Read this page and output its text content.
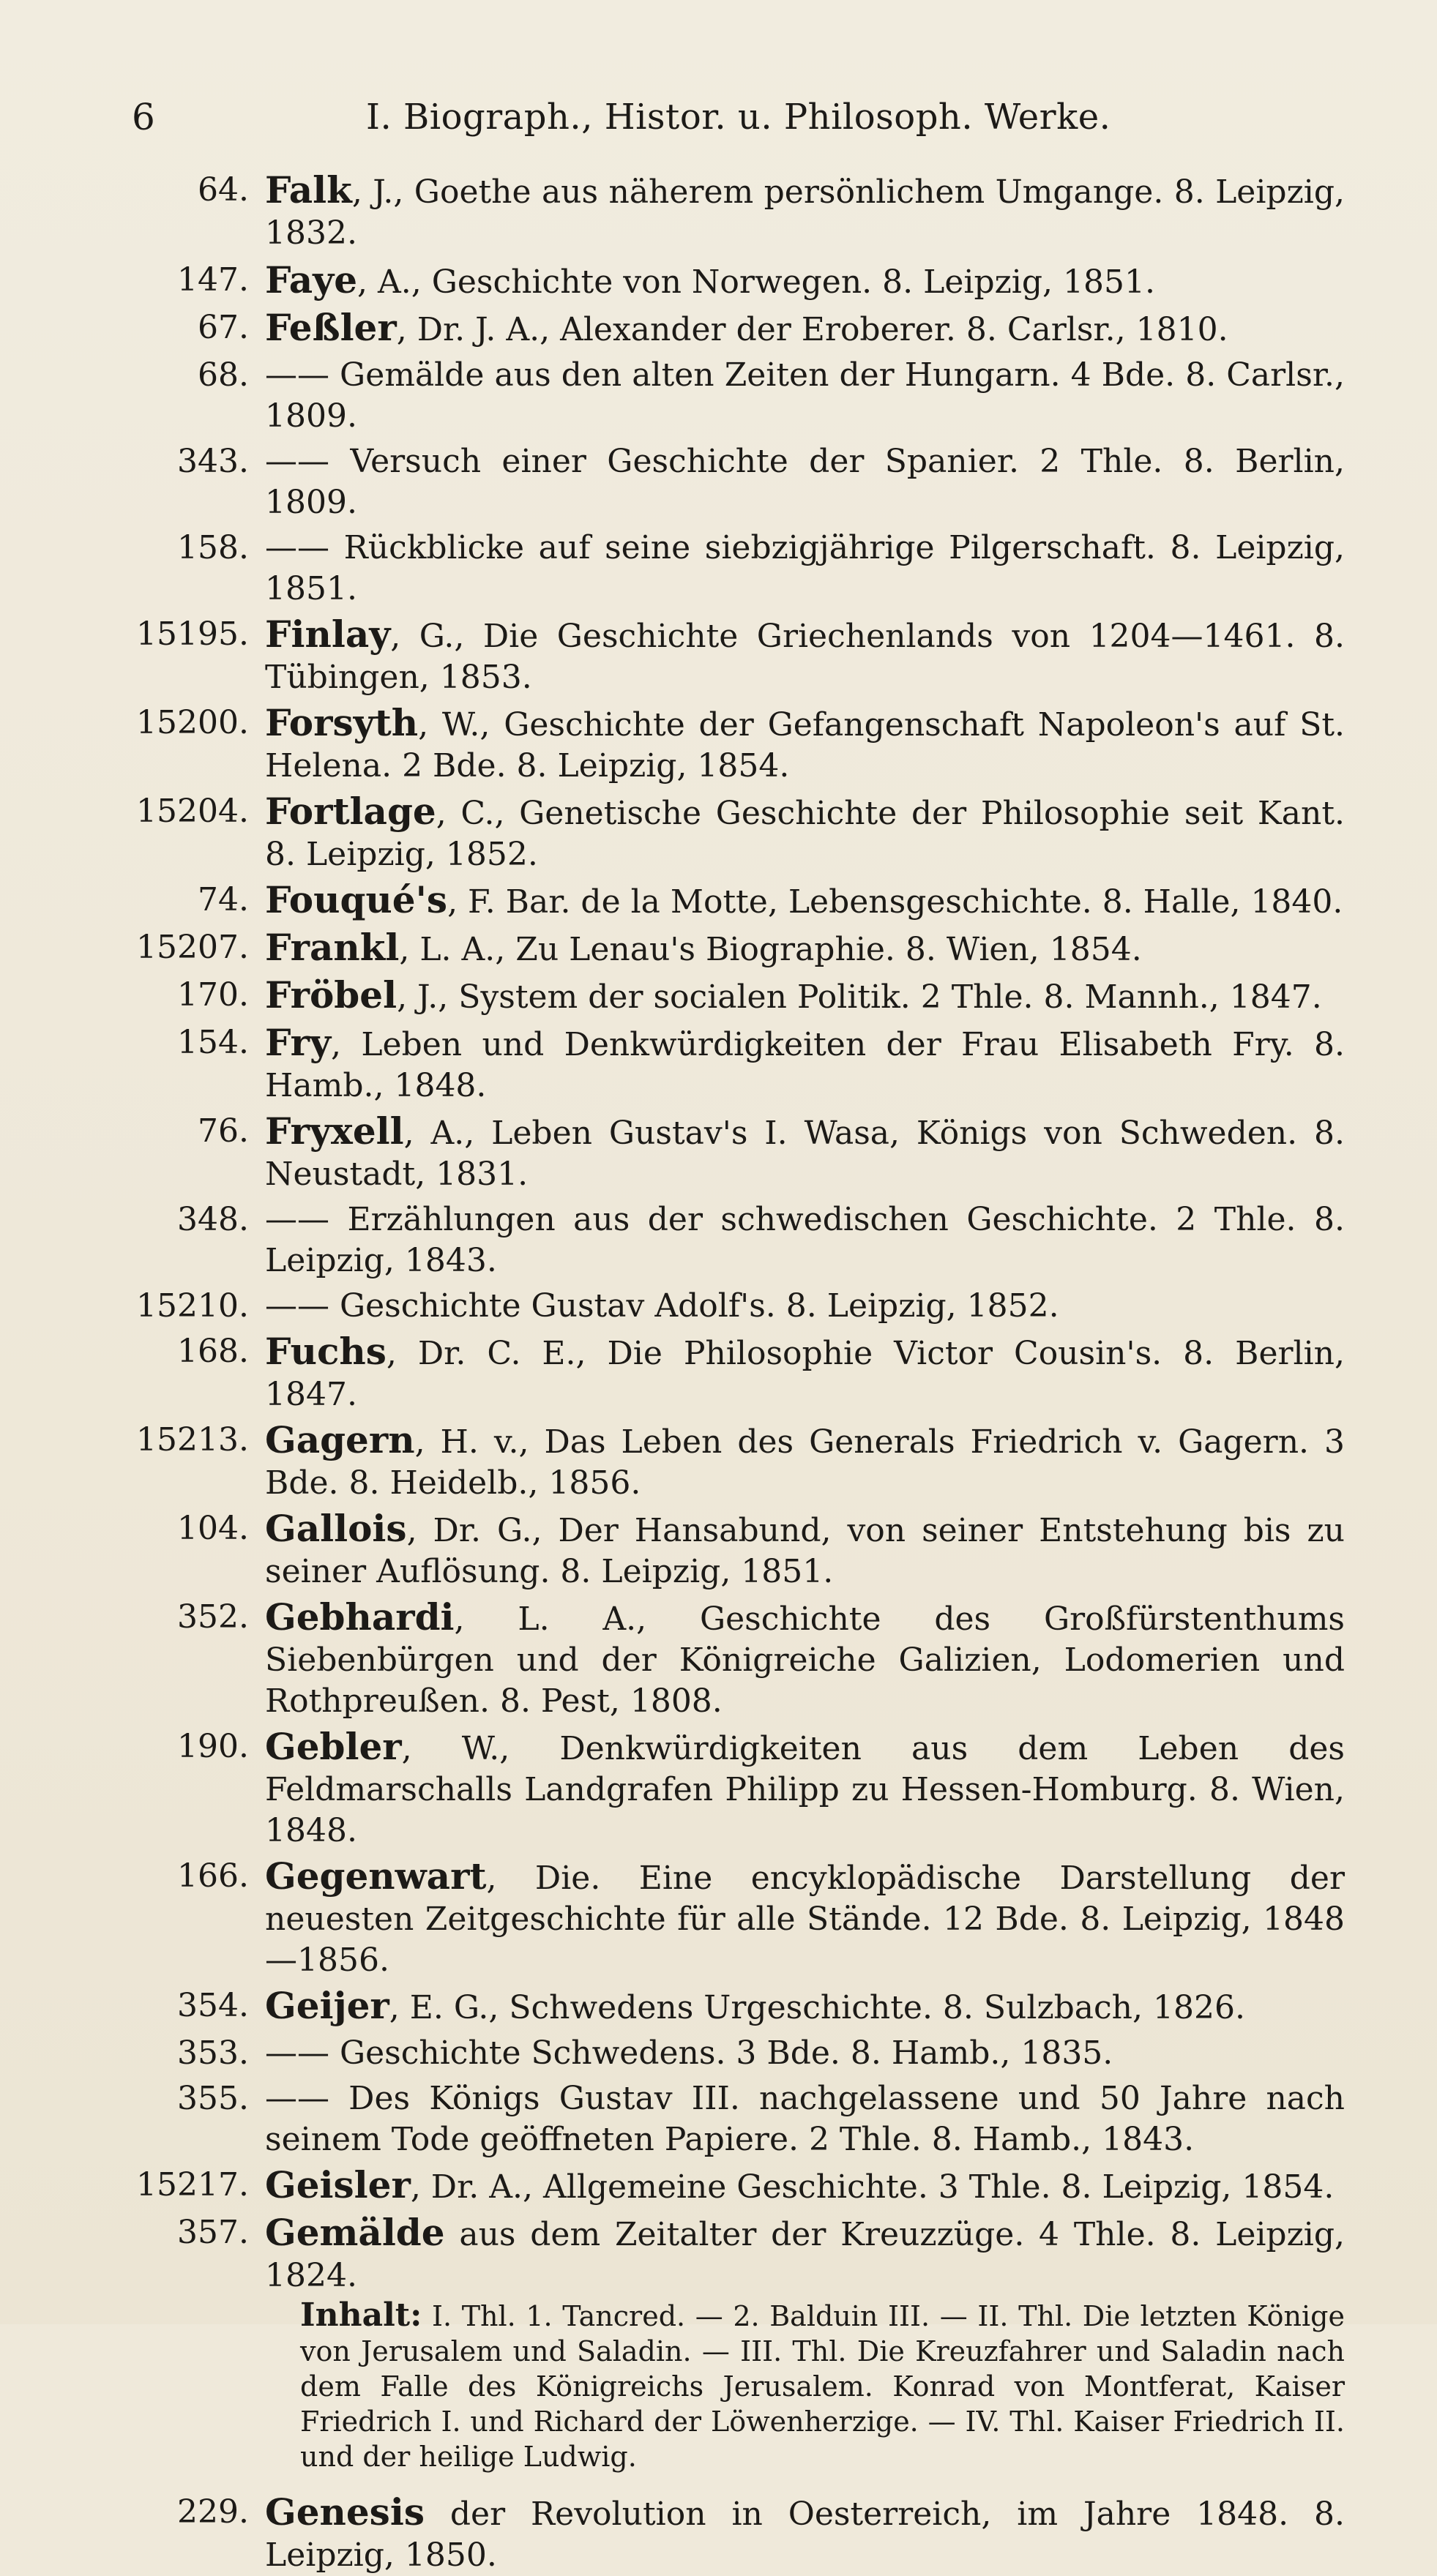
6	I. Biograph., Histor. u. Philosoph. Werke.
64. Falk, J., Goethe aus näherem persönlichem Umgange. 8. Leipzig, 1832.
147. Faye, A., Geschichte von Norwegen. 8. Leipzig, 1851.
67. Feßler, Dr. J. A., Alexander der Eroberer. 8. Carlsr., 1810.
68. —— Gemälde aus den alten Zeiten der Hungarn. 4 Bde. 8. Carlsr., 1809.
343. —— Versuch einer Geschichte der Spanier. 2 Thle. 8. Berlin, 1809.
158. —— Rückblicke auf seine siebzigjährige Pilgerschaft. 8. Leipzig, 1851.
15195. Finlay, G., Die Geschichte Griechenlands von 1204—1461. 8. Tübingen, 1853.
15200. Forsyth, W., Geschichte der Gefangenschaft Napoleon's auf St. Helena. 2 Bde. 8. Leipzig, 1854.
15204. Fortlage, C., Genetische Geschichte der Philosophie seit Kant. 8. Leipzig, 1852.
74. Fouqué's, F. Bar. de la Motte, Lebensgeschichte. 8. Halle, 1840.
15207. Frankl, L. A., Zu Lenau's Biographie. 8. Wien, 1854.
170. Fröbel, J., System der socialen Politik. 2 Thle. 8. Mannh., 1847.
154. Fry, Leben und Denkwürdigkeiten der Frau Elisabeth Fry. 8. Hamb., 1848.
76. Fryxell, A., Leben Gustav's I. Wasa, Königs von Schweden. 8. Neustadt, 1831.
348. —— Erzählungen aus der schwedischen Geschichte. 2 Thle. 8. Leipzig, 1843.
15210. —— Geschichte Gustav Adolf's. 8. Leipzig, 1852.
168. Fuchs, Dr. C. E., Die Philosophie Victor Cousin's. 8. Berlin, 1847.
15213. Gagern, H. v., Das Leben des Generals Friedrich v. Gagern. 3 Bde. 8. Heidelb., 1856.
104. Gallois, Dr. G., Der Hansabund, von seiner Entstehung bis zu seiner Auflösung. 8. Leipzig, 1851.
352. Gebhardi, L. A., Geschichte des Großfürstenthums Siebenbürgen und der Königreiche Galizien, Lodomerien und Rothpreußen. 8. Pest, 1808.
190. Gebler, W., Denkwürdigkeiten aus dem Leben des Feldmarschalls Landgrafen Philipp zu Hessen-Homburg. 8. Wien, 1848.
166. Gegenwart, Die. Eine encyklopädische Darstellung der neuesten Zeitgeschichte für alle Stände. 12 Bde. 8. Leipzig, 1848—1856.
354. Geijer, E. G., Schwedens Urgeschichte. 8. Sulzbach, 1826.
353. —— Geschichte Schwedens. 3 Bde. 8. Hamb., 1835.
355. —— Des Königs Gustav III. nachgelassene und 50 Jahre nach seinem Tode geöffneten Papiere. 2 Thle. 8. Hamb., 1843.
15217. Geisler, Dr. A., Allgemeine Geschichte. 3 Thle. 8. Leipzig, 1854.
357. Gemälde aus dem Zeitalter der Kreuzzüge. 4 Thle. 8. Leipzig, 1824.
Inhalt: I. Thl. 1. Tancred. — 2. Balduin III. — II. Thl. Die letzten Könige von Jerusalem und Saladin. — III. Thl. Die Kreuzfahrer und Saladin nach dem Falle des Königreichs Jerusalem. Konrad von Montferat, Kaiser Friedrich I. und Richard der Löwenherzige. — IV. Thl. Kaiser Friedrich II. und der heilige Ludwig.
229. Genesis der Revolution in Oesterreich, im Jahre 1848. 8. Leipzig, 1850.
